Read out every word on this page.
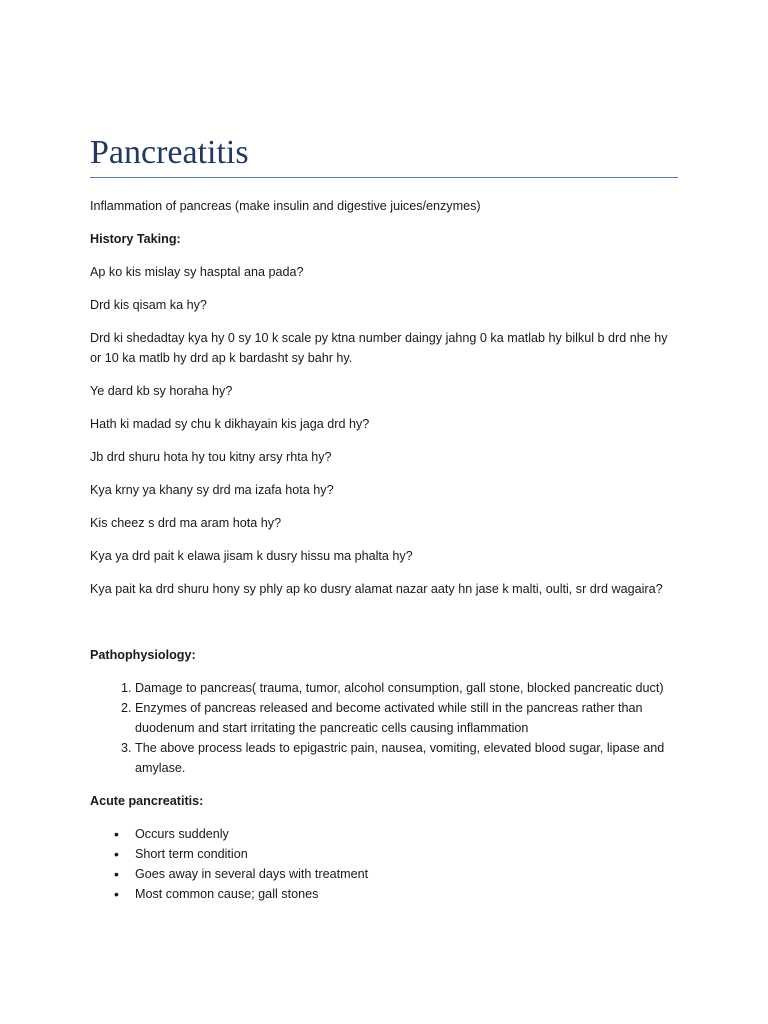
Pancreatitis

Inflammation of pancreas (make insulin and digestive juices/enzymes)

History Taking:

Ap ko kis mislay sy hasptal ana pada?

Drd kis qisam ka hy?

Drd ki shedadtay kya hy 0 sy 10 k scale py ktna number daingy jahng 0 ka matlab hy bilkul b drd nhe hy or 10 ka matlb hy drd ap k bardasht sy bahr hy.

Ye dard kb sy horaha hy?

Hath ki madad sy chu k dikhayain kis jaga drd hy?

Jb drd shuru hota hy tou kitny arsy rhta hy?

Kya krny ya khany sy drd ma izafa hota hy?

Kis cheez s drd ma aram hota hy?

Kya ya drd pait k elawa jisam k dusry hissu ma phalta hy?

Kya pait ka drd shuru hony sy phly ap ko dusry alamat nazar aaty hn jase k malti, oulti, sr drd wagaira?

Pathophysiology:

1. Damage to pancreas( trauma, tumor, alcohol consumption, gall stone, blocked pancreatic duct)
2. Enzymes of pancreas released and become activated while still in the pancreas rather than duodenum and start irritating the pancreatic cells causing inflammation
3. The above process leads to epigastric pain, nausea, vomiting, elevated blood sugar, lipase and amylase.

Acute pancreatitis:

• Occurs suddenly
• Short term condition
• Goes away in several days with treatment
• Most common cause; gall stones
